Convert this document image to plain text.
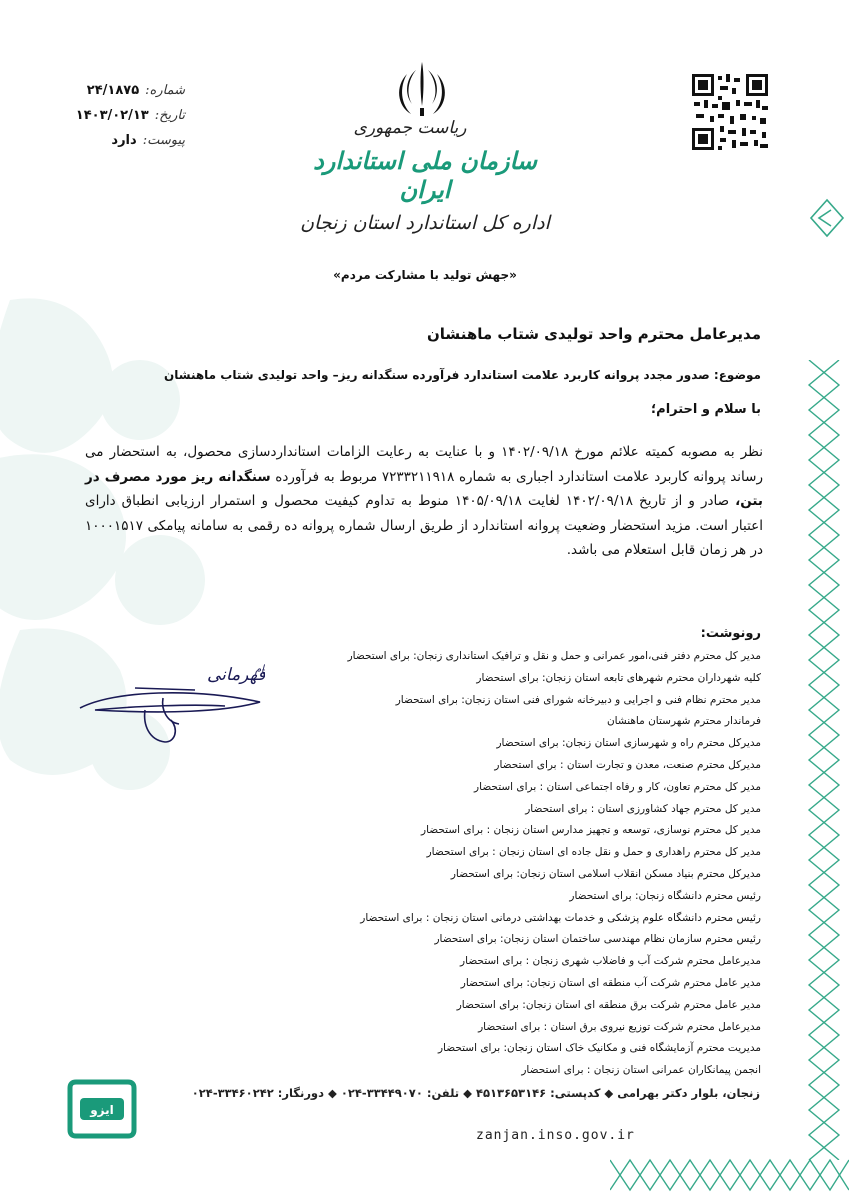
شماره:
۲۴/۱۸۷۵
تاریخ:
۱۴۰۳/۰۲/۱۳
پیوست:
دارد
ریاست جمهوری
سازمان ملی استاندارد ایران
اداره کل استاندارد استان زنجان
«جهش تولید با مشارکت مردم»
مدیرعامل محترم واحد تولیدی شتاب ماهنشان
موضوع: صدور مجدد پروانه کاربرد علامت استاندارد فرآورده سنگدانه ریز– واحد تولیدی شتاب ماهنشان
با سلام و احترام؛
نظر به مصوبه کمیته علائم مورخ ۱۴۰۲/۰۹/۱۸ و با عنایت به رعایت الزامات استانداردسازی محصول، به استحضار می رساند پروانه کاربرد علامت استاندارد اجباری به شماره ۷۲۳۳۲۱۱۹۱۸ مربوط به فرآورده سنگدانه ریز مورد مصرف در بتن، صادر و از تاریخ ۱۴۰۲/۰۹/۱۸ لغایت ۱۴۰۵/۰۹/۱۸ منوط به تداوم کیفیت محصول و استمرار ارزیابی انطباق دارای اعتبار است. مزید استحضار وضعیت پروانه استاندارد از طریق ارسال شماره پروانه ده رقمی به سامانه پیامکی ۱۰۰۰۱۵۱۷ در هر زمان قابل استعلام می باشد.
رونوشت:
مدیر کل محترم دفتر فنی،امور عمرانی و حمل و نقل و ترافیک استانداری زنجان: برای استحضار
کلیه شهرداران محترم شهرهای تابعه استان زنجان: برای استحضار
مدیر محترم نظام فنی و اجرایی و دبیرخانه شورای فنی استان زنجان: برای استحضار
فرماندار محترم شهرستان ماهنشان
مدیرکل محترم راه و شهرسازی استان زنجان: برای استحضار
مدیرکل محترم صنعت، معدن و تجارت استان : برای استحضار
مدیر کل محترم تعاون، کار و رفاه اجتماعی استان : برای استحضار
مدیر کل محترم جهاد کشاورزی استان : برای استحضار
مدیر کل محترم نوسازی، توسعه و تجهیز مدارس استان زنجان : برای استحضار
مدیر کل محترم راهداری و حمل و نقل جاده ای استان زنجان : برای استحضار
مدیرکل محترم بنیاد مسکن انقلاب اسلامی استان زنجان: برای استحضار
رئیس محترم دانشگاه زنجان: برای استحضار
رئیس محترم دانشگاه علوم پزشکی و خدمات بهداشتی درمانی استان زنجان : برای استحضار
رئیس محترم سازمان نظام مهندسی ساختمان استان زنجان: برای استحضار
مدیرعامل محترم شرکت آب و فاضلاب شهری زنجان : برای استحضار
مدیر عامل محترم شرکت آب منطقه ای استان زنجان: برای استحضار
مدیر عامل محترم شرکت برق منطقه ای استان زنجان: برای استحضار
مدیرعامل محترم شرکت توزیع نیروی برق استان : برای استحضار
مدیریت محترم آزمایشگاه فنی و مکانیک خاک استان زنجان: برای استحضار
انجمن پیمانکاران عمرانی استان زنجان : برای استحضار
ام
قهرمانی
زنجان، بلوار دکتر بهرامی ◆ کدپستی: ۴۵۱۳۶۵۳۱۴۶ ◆ تلفن: ۳۳۴۴۹۰۷۰-۰۲۴ ◆ دورنگار: ۳۳۴۶۰۲۴۲-۰۲۴
zanjan.inso.gov.ir
ایزو
